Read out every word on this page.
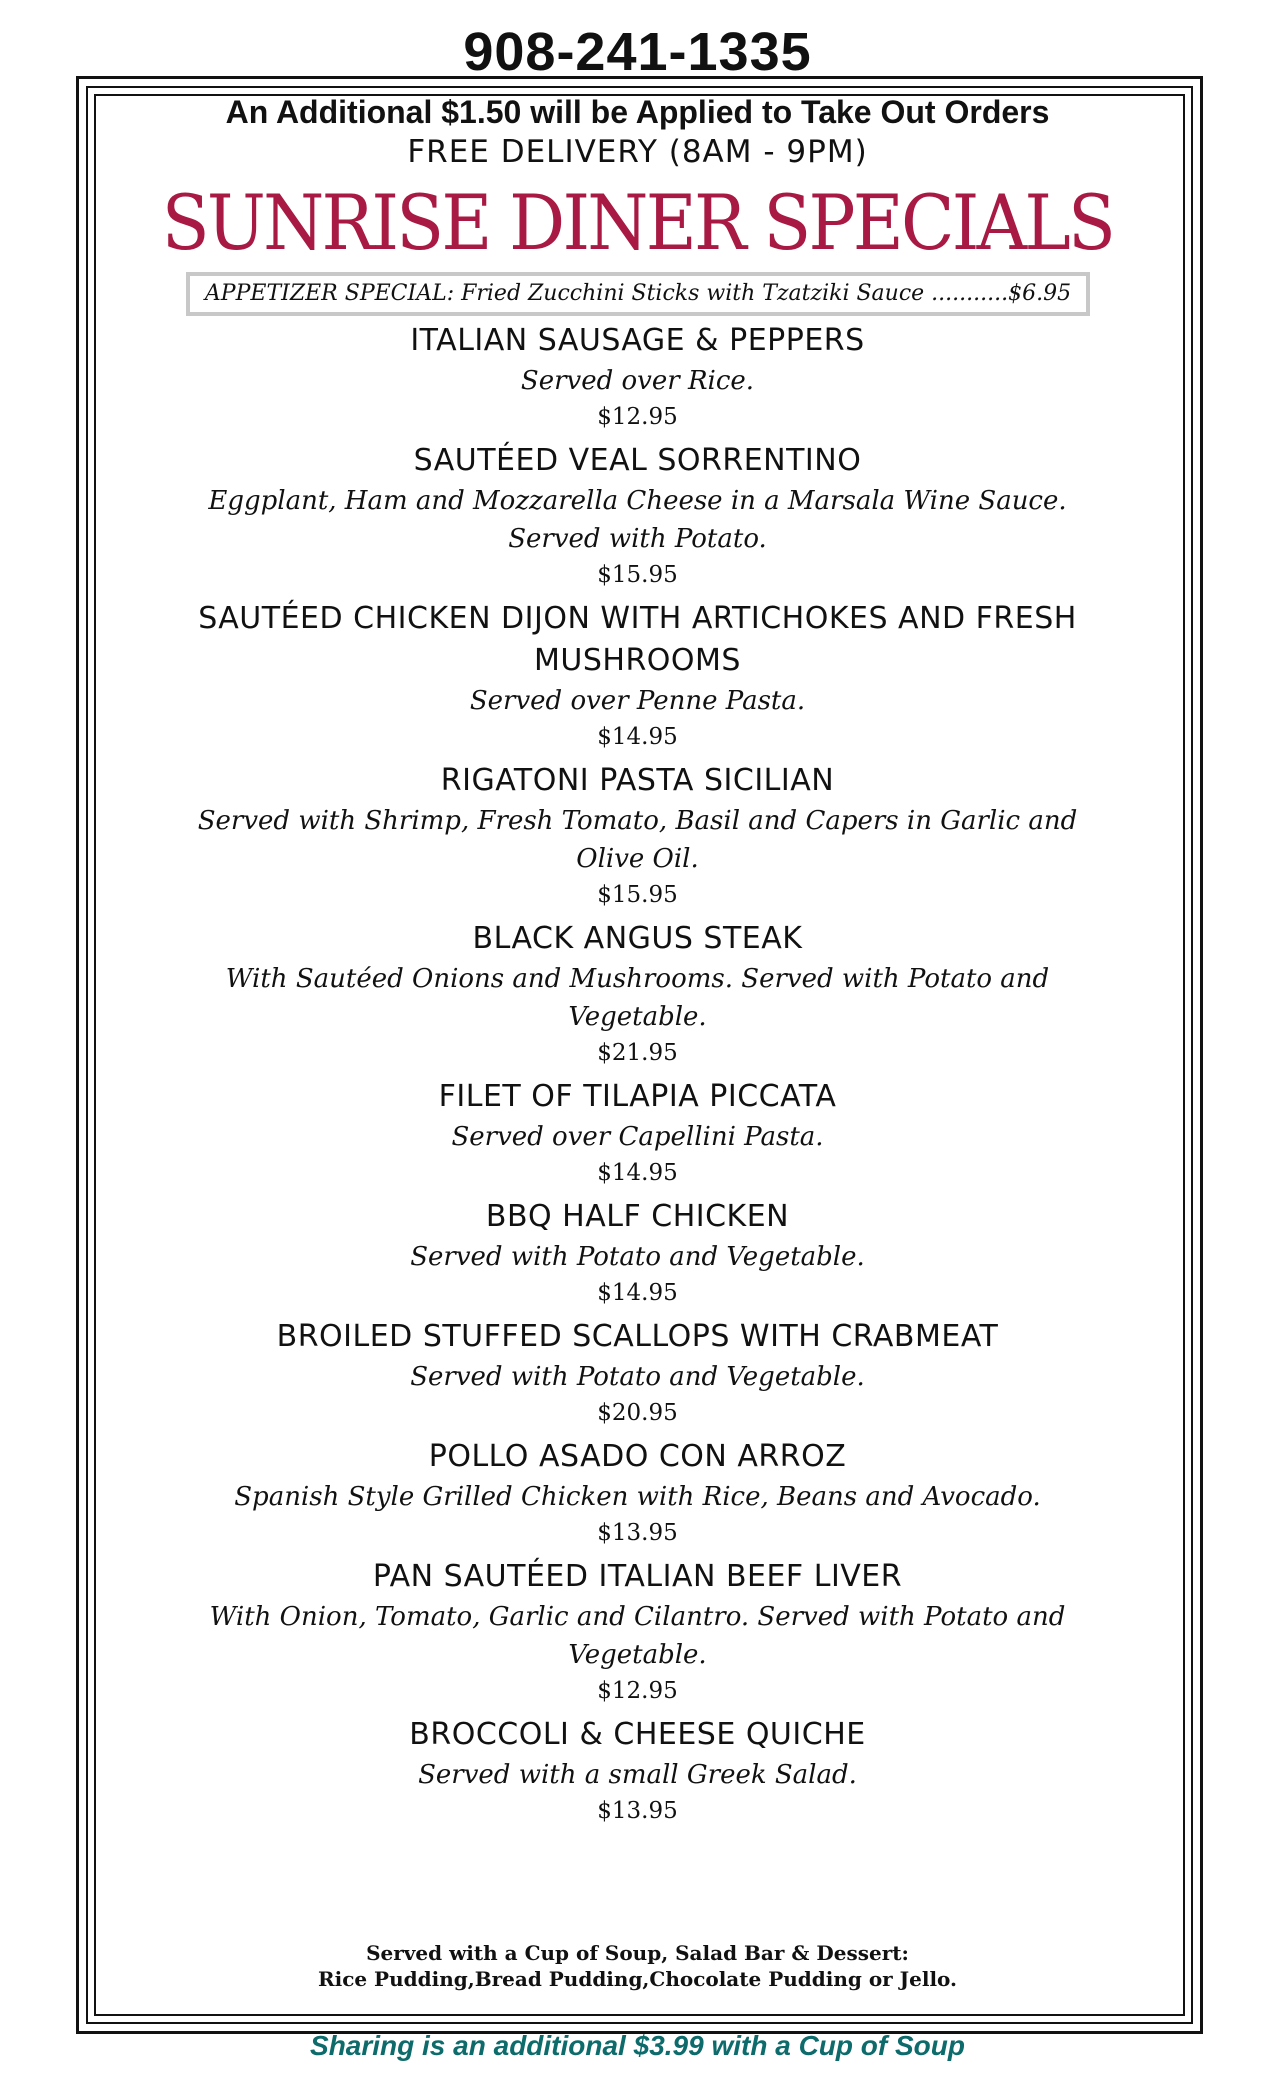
908-241-1335
An Additional $1.50 will be Applied to Take Out Orders
FREE DELIVERY (8AM - 9PM)
SUNRISE DINER SPECIALS
APPETIZER SPECIAL: Fried Zucchini Sticks with Tzatziki Sauce ...........$6.95
ITALIAN SAUSAGE & PEPPERS
Served over Rice.
$12.95
SAUTÉED VEAL SORRENTINO
Eggplant, Ham and Mozzarella Cheese in a Marsala Wine Sauce. Served with Potato.
$15.95
SAUTÉED CHICKEN DIJON WITH ARTICHOKES AND FRESH MUSHROOMS
Served over Penne Pasta.
$14.95
RIGATONI PASTA SICILIAN
Served with Shrimp, Fresh Tomato, Basil and Capers in Garlic and Olive Oil.
$15.95
BLACK ANGUS STEAK
With Sautéed Onions and Mushrooms. Served with Potato and Vegetable.
$21.95
FILET OF TILAPIA PICCATA
Served over Capellini Pasta.
$14.95
BBQ HALF CHICKEN
Served with Potato and Vegetable.
$14.95
BROILED STUFFED SCALLOPS WITH CRABMEAT
Served with Potato and Vegetable.
$20.95
POLLO ASADO CON ARROZ
Spanish Style Grilled Chicken with Rice, Beans and Avocado.
$13.95
PAN SAUTÉED ITALIAN BEEF LIVER
With Onion, Tomato, Garlic and Cilantro. Served with Potato and Vegetable.
$12.95
BROCCOLI & CHEESE QUICHE
Served with a small Greek Salad.
$13.95
Served with a Cup of Soup, Salad Bar & Dessert:
Rice Pudding,Bread Pudding,Chocolate Pudding or Jello.
Sharing is an additional $3.99 with a Cup of Soup
